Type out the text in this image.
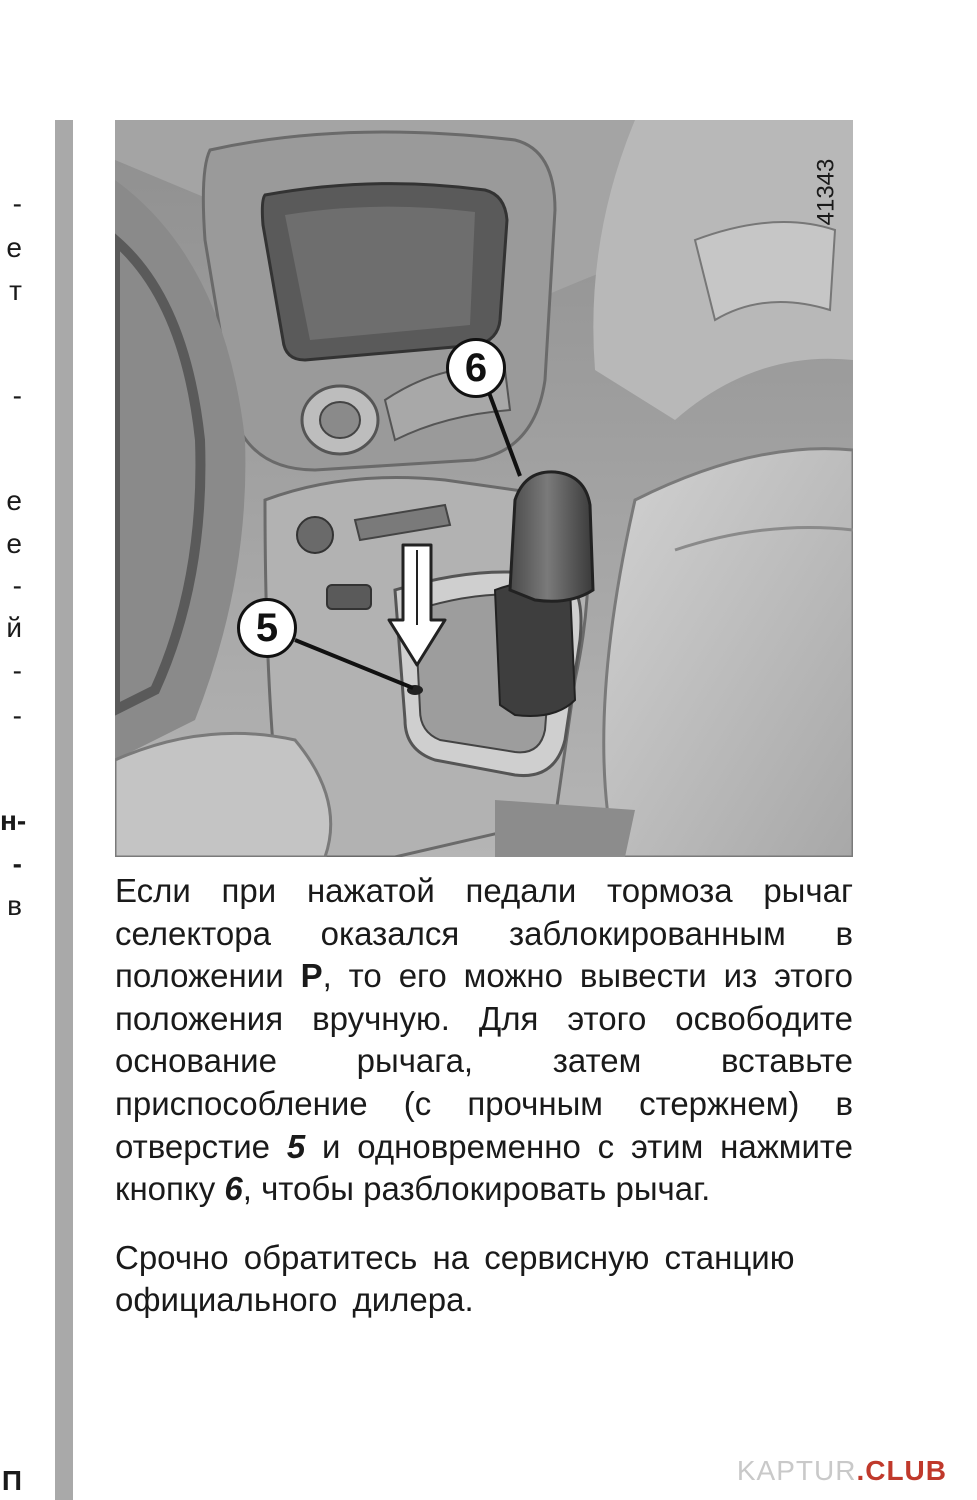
-
е
т
-
е
е
-
й
-
-
н-
-
в
П
41343
6
5

Если при нажатой педали тормоза рычаг селектора оказался заблокированным в положении P, то его можно вывести из этого положения вручную. Для этого освободите основание рычага, затем вставьте приспособление (с прочным стержнем) в отверстие 5 и одновременно с этим нажмите кнопку 6, чтобы разблокировать рычаг.

Срочно обратитесь на сервисную станцию официального дилера.

KAPTUR.CLUB
